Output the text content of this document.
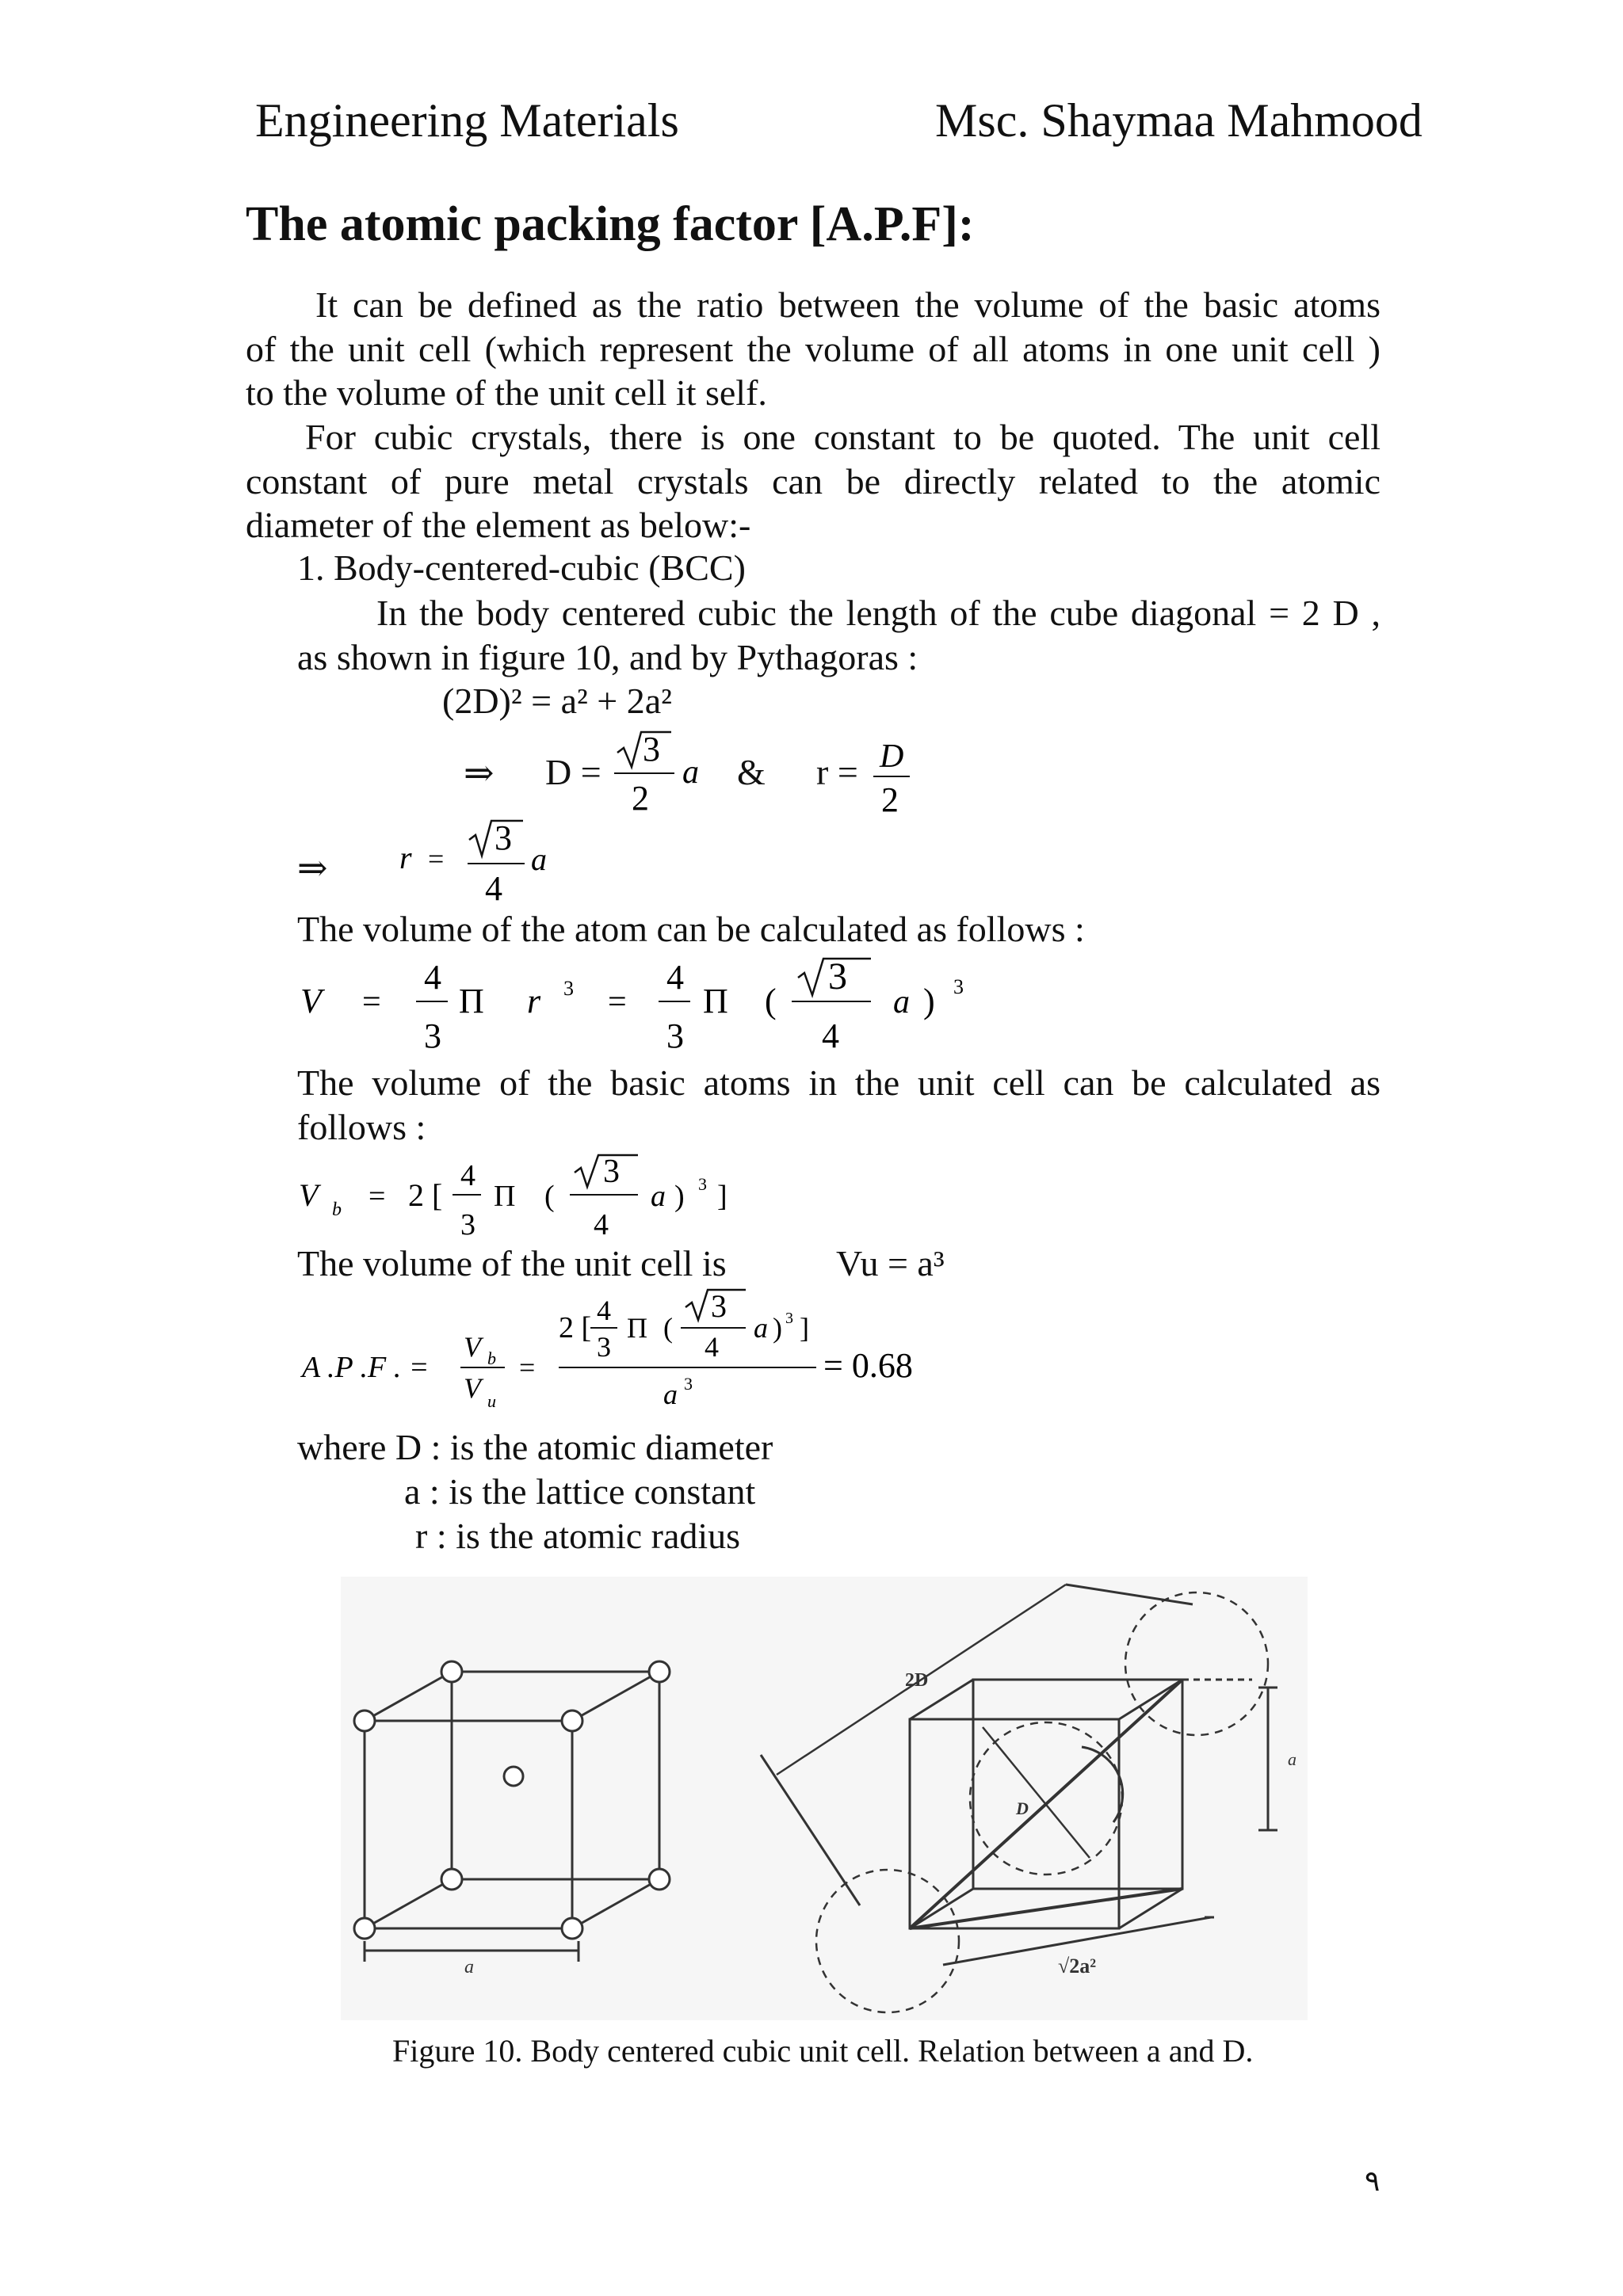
Engineering Materials	Msc. Shaymaa Mahmood
The atomic packing factor [A.P.F]:
It can be defined as the ratio between the volume of the basic atoms
of the unit cell (which represent the volume of all atoms in one unit cell )
to the volume of the unit cell it self.
For cubic crystals, there is one constant to be quoted. The unit cell
constant of pure metal crystals can be directly related to the atomic
diameter of the element as below:-
1. Body-centered-cubic (BCC)
In the body centered cubic the length of the cube diagonal = 2 D ,
as shown in figure 10, and by Pythagoras :
(2D)² = a² + 2a²
⇒ D =
3
2
a & r = D
2
⇒ r =
3
4
a
The volume of the atom can be calculated as follows :
V =
4
3
Π r 3 =
4
3
Π (
3
4
a ) 3
The volume of the basic atoms in the unit cell can be calculated as
follows :
V b = 2 [
4
3
Π (
3
4
a ) 3 ]
The volume of the unit cell is	Vu = a³
A .P .F . =
V b
V u
=
2 [
4
3
Π (
3
4
a ) 3 ]
a 3	= 0.68
where D : is the atomic diameter
a : is the lattice constant
r : is the atomic radius
a
2D
D
a
√2a²
Figure 10. Body centered cubic unit cell. Relation between a and D.
٩
